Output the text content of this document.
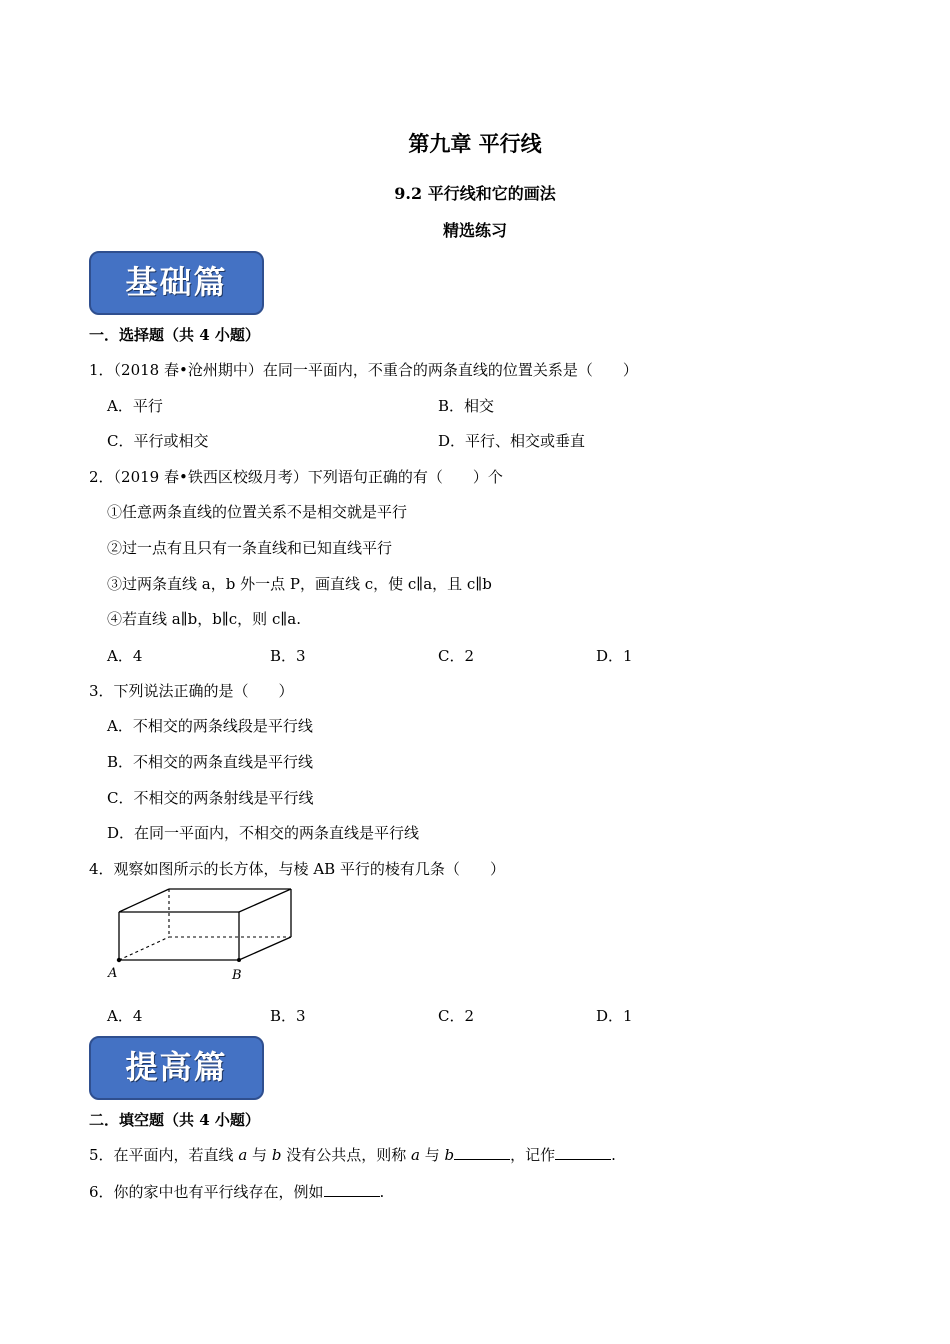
第九章 平行线
9.2 平行线和它的画法
精选练习
基础篇
一．选择题（共 4 小题）
1．（2018 春•沧州期中）在同一平面内，不重合的两条直线的位置关系是（　　）
A．平行	B．相交
C．平行或相交	D．平行、相交或垂直
2．（2019 春•铁西区校级月考）下列语句正确的有（　　）个
①任意两条直线的位置关系不是相交就是平行
②过一点有且只有一条直线和已知直线平行
③过两条直线 a，b 外一点 P，画直线 c，使 c∥a，且 c∥b
④若直线 a∥b，b∥c，则 c∥a.
A．4	B．3	C．2	D．1
3．下列说法正确的是（　　）
A．不相交的两条线段是平行线
B．不相交的两条直线是平行线
C．不相交的两条射线是平行线
D．在同一平面内，不相交的两条直线是平行线
4．观察如图所示的长方体，与棱 AB 平行的棱有几条（　　）
A	B
A．4	B．3	C．2	D．1
提高篇
二．填空题（共 4 小题）
5．在平面内，若直线 a 与 b 没有公共点，则称 a 与 b	，记作	.
6．你的家中也有平行线存在，例如	.
